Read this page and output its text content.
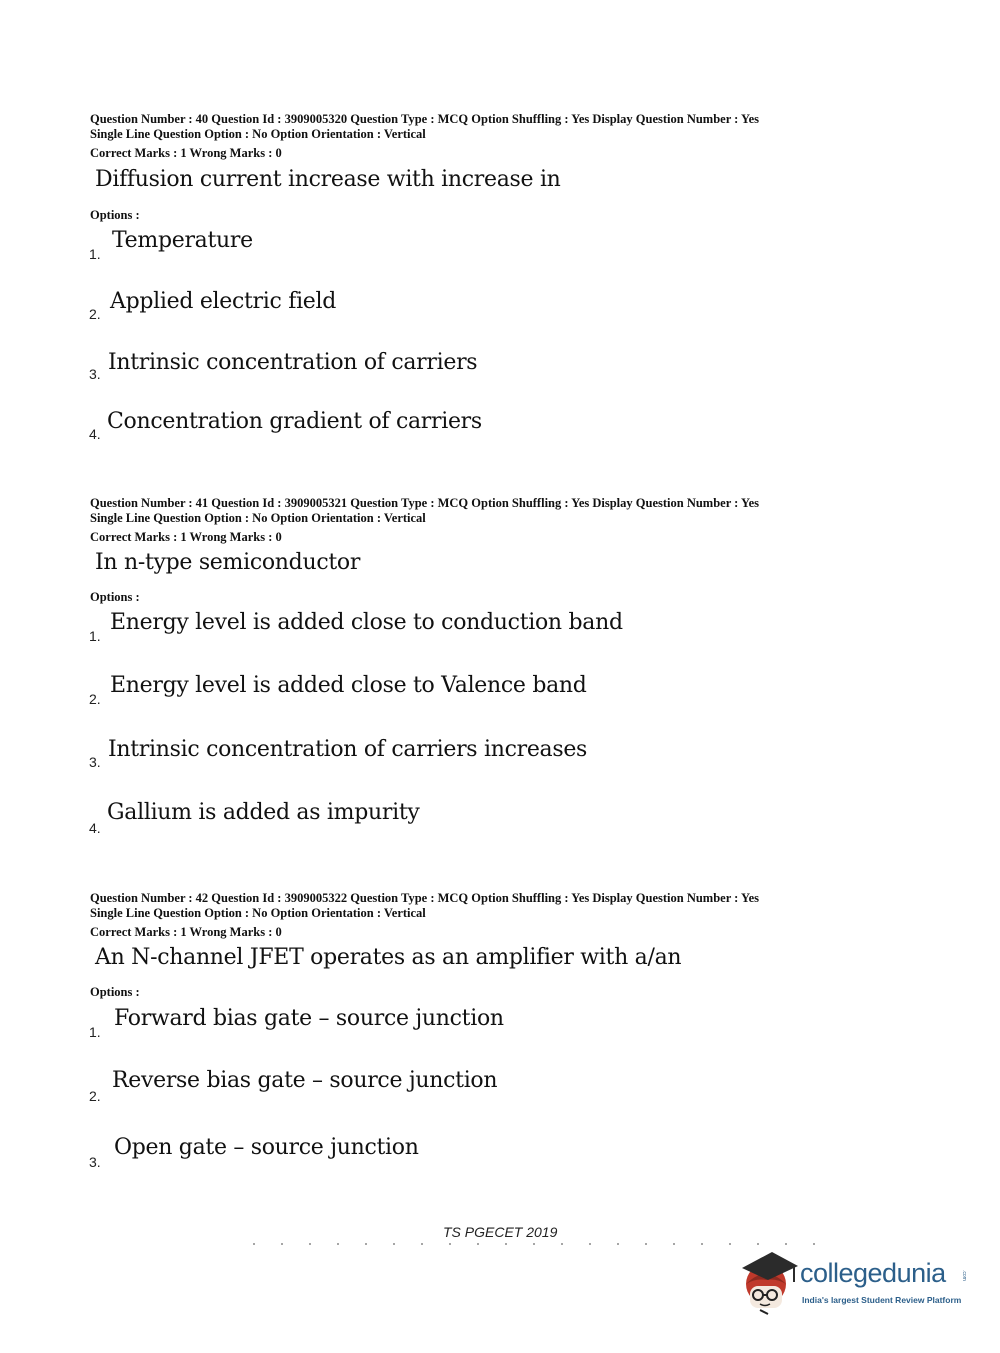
Question Number : 40 Question Id : 3909005320 Question Type : MCQ Option Shuffling : Yes Display Question Number : Yes
Single Line Question Option : No Option Orientation : Vertical
Correct Marks : 1 Wrong Marks : 0
Diffusion current increase with increase in
Options :
1.
Temperature
2. Applied electric field
3. Intrinsic concentration of carriers
4. Concentration gradient of carriers
Question Number : 41 Question Id : 3909005321 Question Type : MCQ Option Shuffling : Yes Display Question Number : Yes
Single Line Question Option : No Option Orientation : Vertical
Correct Marks : 1 Wrong Marks : 0
In n-type semiconductor
Options :
1.
Energy level is added close to conduction band
2.
Energy level is added close to Valence band
3. Intrinsic concentration of carriers increases
4.
Gallium is added as impurity
Question Number : 42 Question Id : 3909005322 Question Type : MCQ Option Shuffling : Yes Display Question Number : Yes
Single Line Question Option : No Option Orientation : Vertical
Correct Marks : 1 Wrong Marks : 0
An N-channel JFET operates as an amplifier with a/an
Options :
1.
Forward bias gate – source junction
2.
Reverse bias gate – source junction
3.
Open gate – source junction
TS PGECET 2019
collegedunia	.com
India's largest Student Review Platform
